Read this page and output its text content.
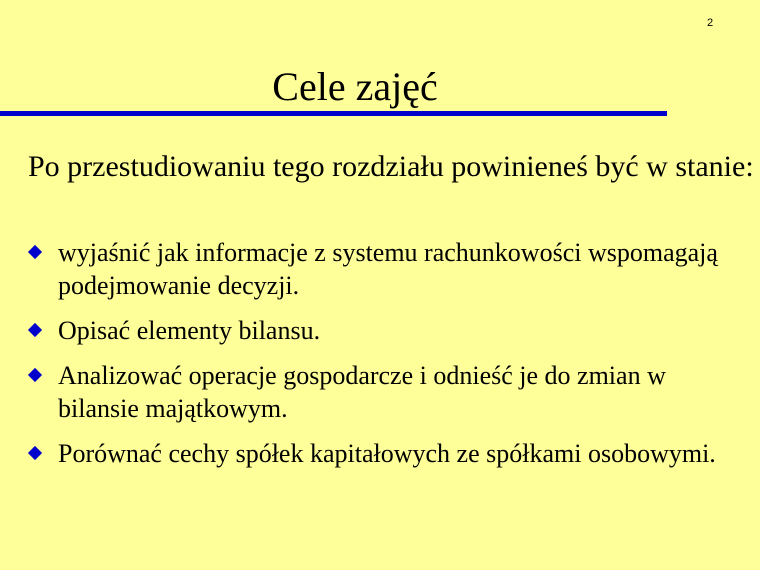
2
Cele zajęć
Po przestudiowaniu tego rozdziału powinieneś być w stanie:
wyjaśnić jak informacje z systemu rachunkowości wspomagają podejmowanie decyzji.
Opisać elementy bilansu.
Analizować operacje gospodarcze i odnieść je do zmian w bilansie majątkowym.
Porównać cechy spółek kapitałowych ze spółkami osobowymi.
